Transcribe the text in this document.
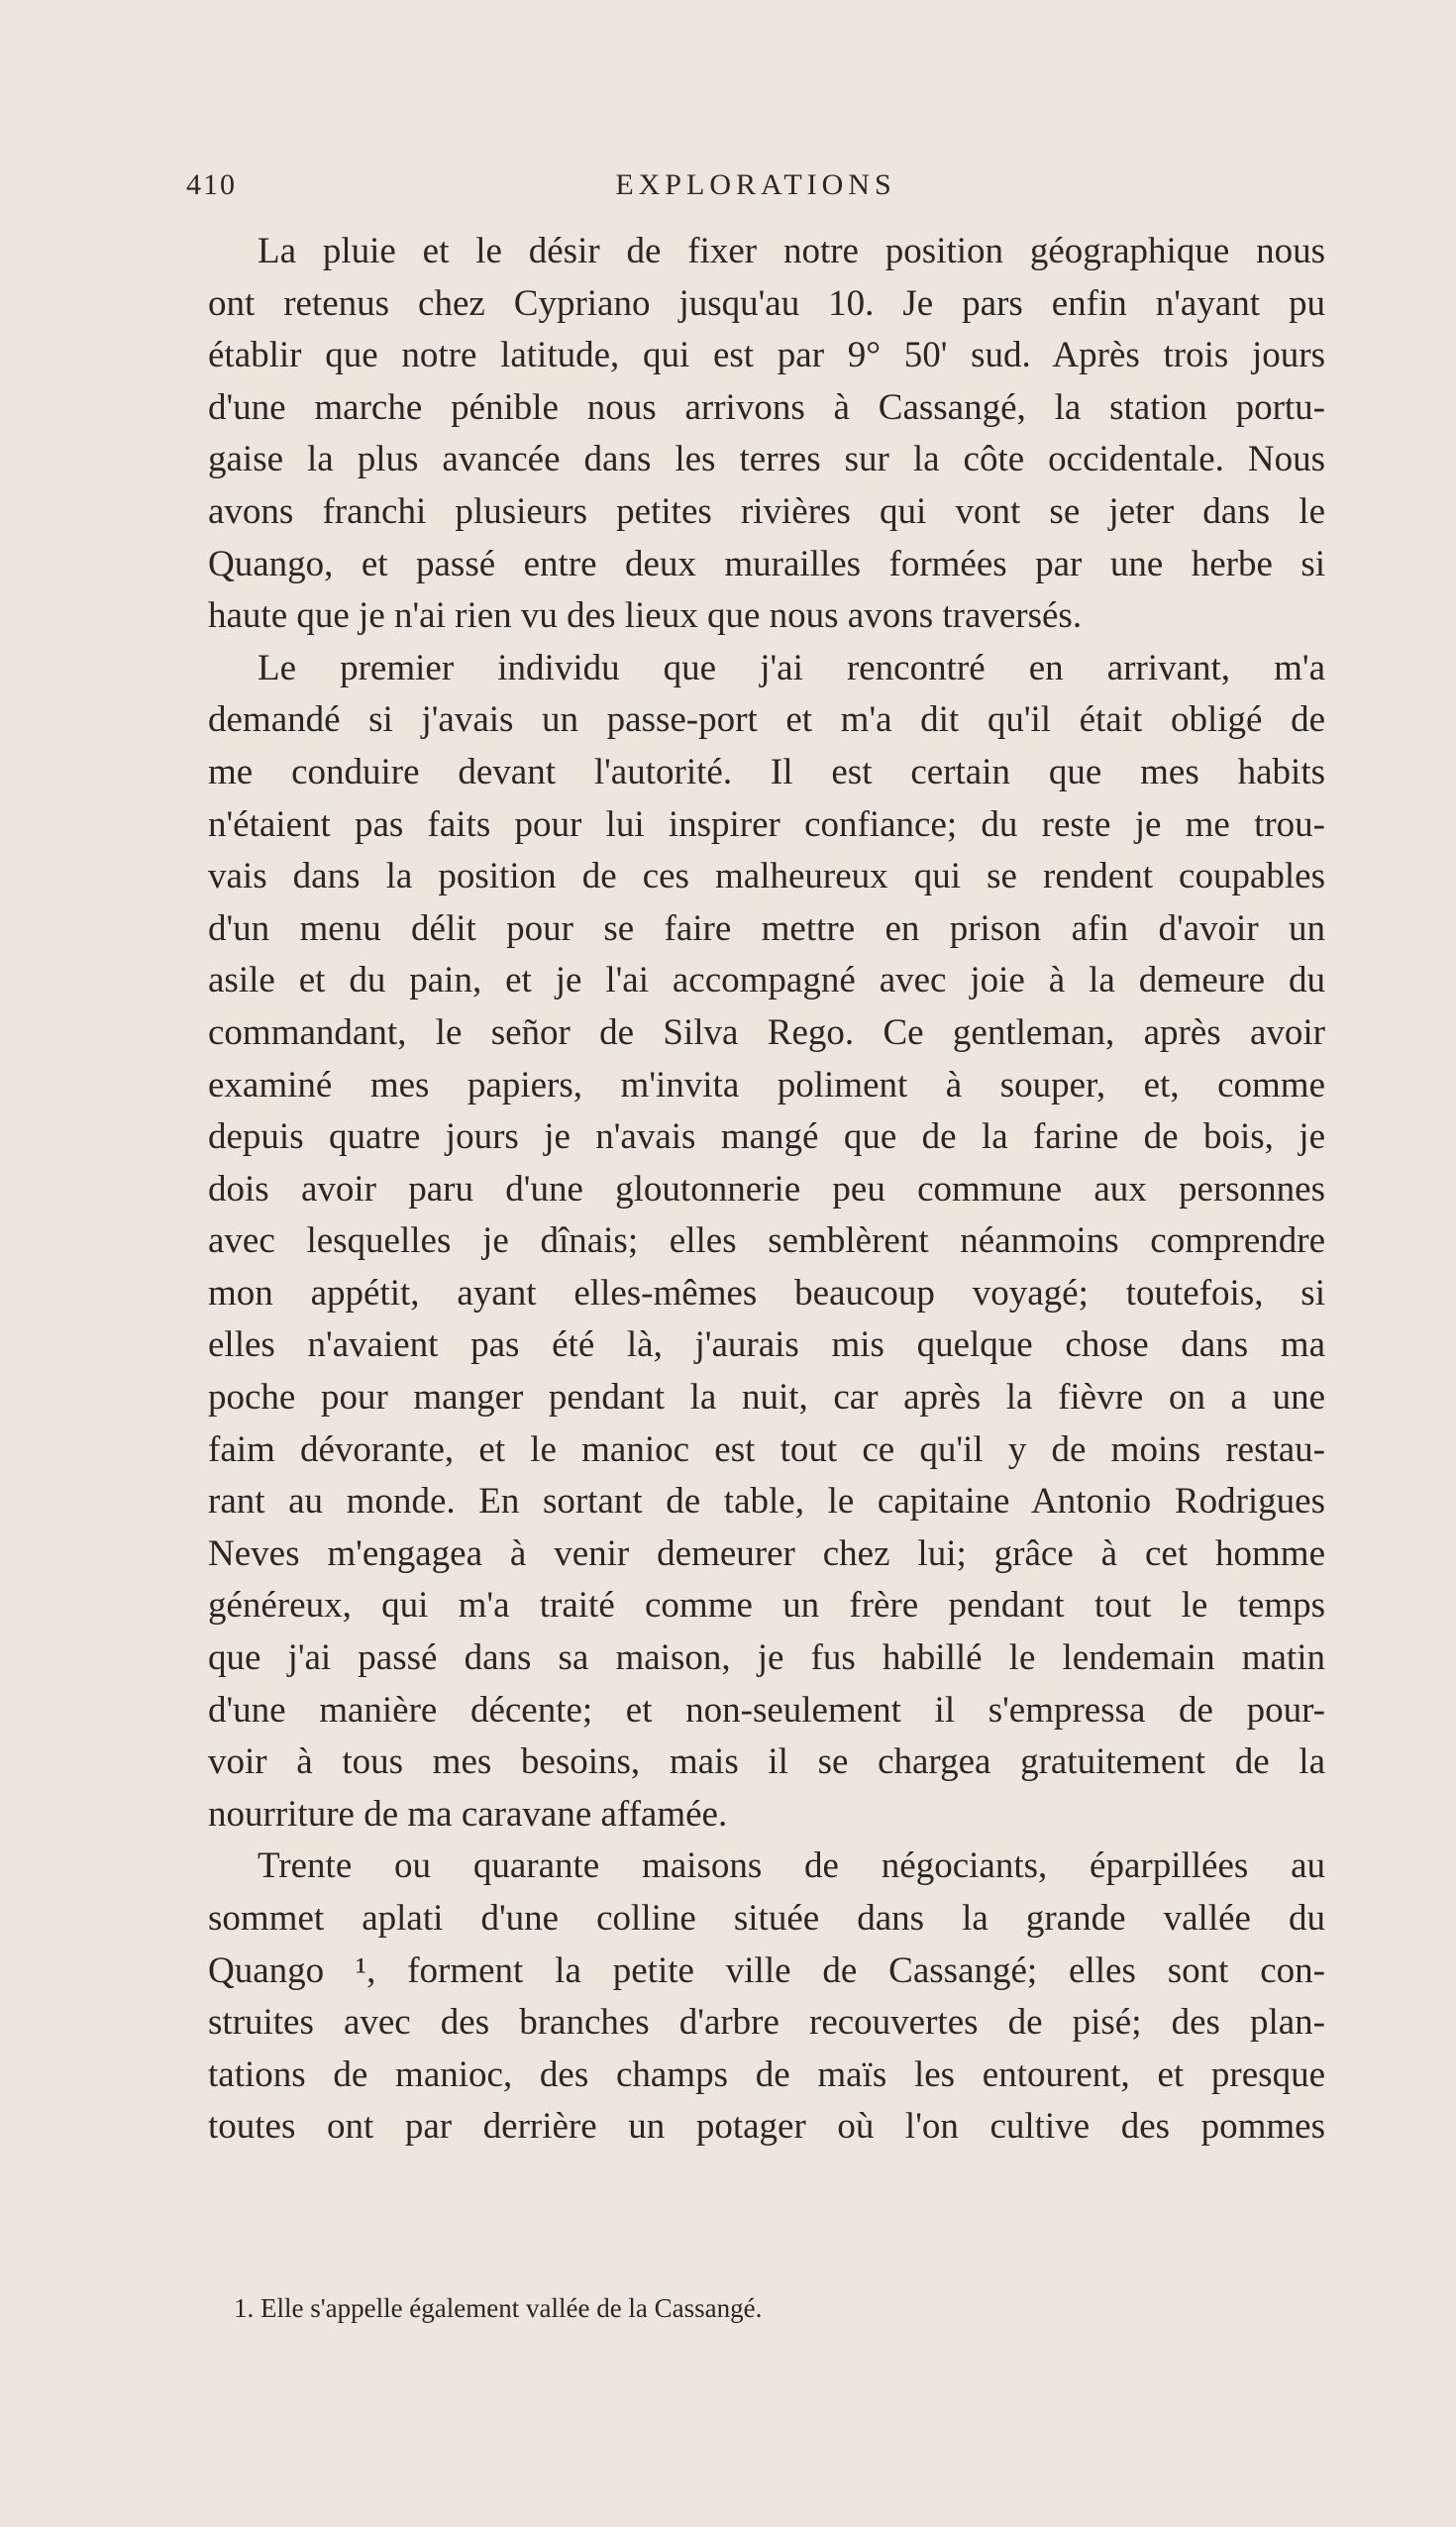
410	EXPLORATIONS
La pluie et le désir de fixer notre position géographique nous
ont retenus chez Cypriano jusqu'au 10. Je pars enfin n'ayant pu
établir que notre latitude, qui est par 9° 50' sud. Après trois jours
d'une marche pénible nous arrivons à Cassangé, la station portu-
gaise la plus avancée dans les terres sur la côte occidentale. Nous
avons franchi plusieurs petites rivières qui vont se jeter dans le
Quango, et passé entre deux murailles formées par une herbe si
haute que je n'ai rien vu des lieux que nous avons traversés.
Le premier individu que j'ai rencontré en arrivant, m'a
demandé si j'avais un passe-port et m'a dit qu'il était obligé de
me conduire devant l'autorité. Il est certain que mes habits
n'étaient pas faits pour lui inspirer confiance; du reste je me trou-
vais dans la position de ces malheureux qui se rendent coupables
d'un menu délit pour se faire mettre en prison afin d'avoir un
asile et du pain, et je l'ai accompagné avec joie à la demeure du
commandant, le señor de Silva Rego. Ce gentleman, après avoir
examiné mes papiers, m'invita poliment à souper, et, comme
depuis quatre jours je n'avais mangé que de la farine de bois, je
dois avoir paru d'une gloutonnerie peu commune aux personnes
avec lesquelles je dînais; elles semblèrent néanmoins comprendre
mon appétit, ayant elles-mêmes beaucoup voyagé; toutefois, si
elles n'avaient pas été là, j'aurais mis quelque chose dans ma
poche pour manger pendant la nuit, car après la fièvre on a une
faim dévorante, et le manioc est tout ce qu'il y de moins restau-
rant au monde. En sortant de table, le capitaine Antonio Rodrigues
Neves m'engagea à venir demeurer chez lui; grâce à cet homme
généreux, qui m'a traité comme un frère pendant tout le temps
que j'ai passé dans sa maison, je fus habillé le lendemain matin
d'une manière décente; et non-seulement il s'empressa de pour-
voir à tous mes besoins, mais il se chargea gratuitement de la
nourriture de ma caravane affamée.
Trente ou quarante maisons de négociants, éparpillées au
sommet aplati d'une colline située dans la grande vallée du
Quango ¹, forment la petite ville de Cassangé; elles sont con-
struites avec des branches d'arbre recouvertes de pisé; des plan-
tations de manioc, des champs de maïs les entourent, et presque
toutes ont par derrière un potager où l'on cultive des pommes
1. Elle s'appelle également vallée de la Cassangé.
